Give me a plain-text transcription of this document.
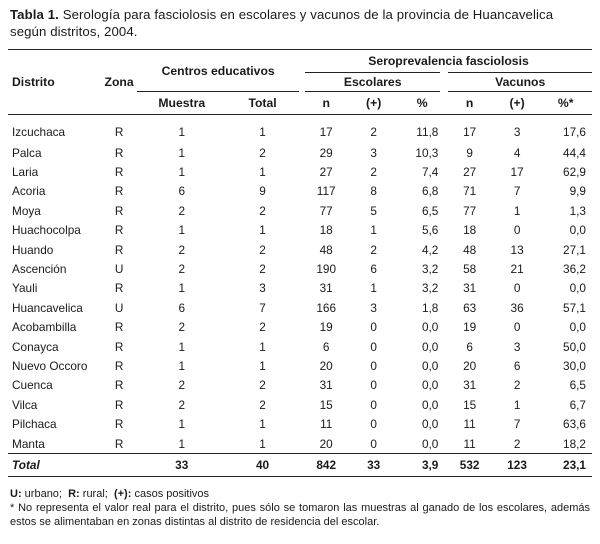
Tabla 1. Serología para fasciolosis en escolares y vacunos de la provincia de Huancavelica según distritos, 2004.

Distrito	Zona	Centros educativos			Seroprevalencia fasciolosis					
					Escolares			Vacunos		
		Muestra	Total		n	(+)	%	n	(+)	%*
Izcuchaca	R	1	1		17	2	11,8	17	3	17,6
Palca	R	1	2		29	3	10,3	9	4	44,4
Laria	R	1	1		27	2	7,4	27	17	62,9
Acoria	R	6	9		117	8	6,8	71	7	9,9
Moya	R	2	2		77	5	6,5	77	1	1,3
Huachocolpa	R	1	1		18	1	5,6	18	0	0,0
Huando	R	2	2		48	2	4,2	48	13	27,1
Ascención	U	2	2		190	6	3,2	58	21	36,2
Yauli	R	1	3		31	1	3,2	31	0	0,0
Huancavelica	U	6	7		166	3	1,8	63	36	57,1
Acobambilla	R	2	2		19	0	0,0	19	0	0,0
Conayca	R	1	1		6	0	0,0	6	3	50,0
Nuevo Occoro	R	1	1		20	0	0,0	20	6	30,0
Cuenca	R	2	2		31	0	0,0	31	2	6,5
Vilca	R	2	2		15	0	0,0	15	1	6,7
Pilchaca	R	1	1		11	0	0,0	11	7	63,6
Manta	R	1	1		20	0	0,0	11	2	18,2
Total		33	40		842	33	3,9	532	123	23,1
U: urbano; R: rural; (+): casos positivos
* No representa el valor real para el distrito, pues sólo se tomaron las muestras al ganado de los escolares, además estos se alimentaban en zonas distintas al distrito de residencia del escolar.
